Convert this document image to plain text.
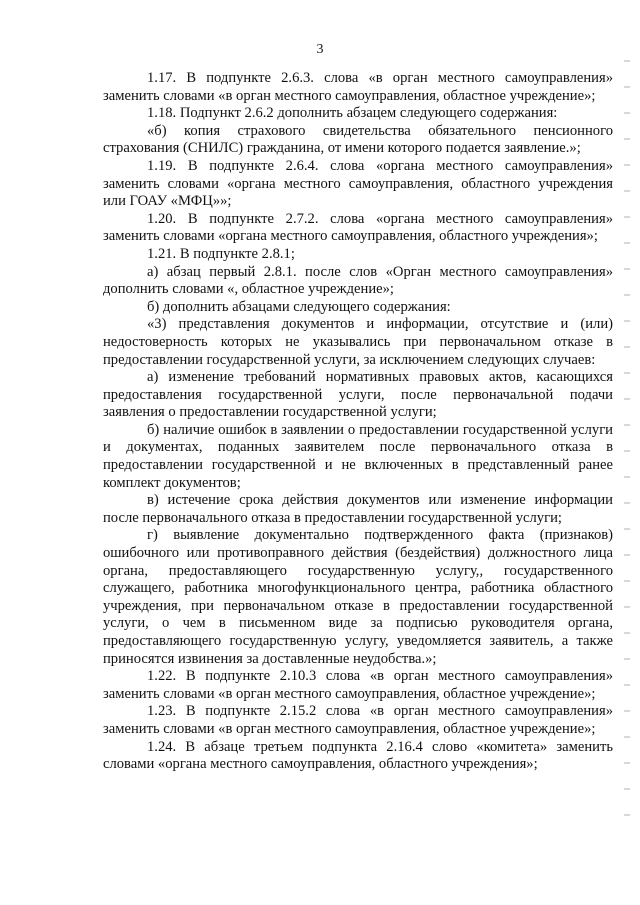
3

1.17. В подпункте 2.6.3. слова «в орган местного самоуправления» заменить словами «в орган местного самоуправления, областное учреждение»;

1.18. Подпункт 2.6.2 дополнить абзацем следующего содержания:

«б) копия страхового свидетельства обязательного пенсионного страхования (СНИЛС) гражданина, от имени которого подается заявление.»;

1.19. В подпункте 2.6.4. слова «органа местного самоуправления» заменить словами «органа местного самоуправления, областного учреждения или ГОАУ «МФЦ»»;

1.20. В подпункте 2.7.2. слова «органа местного самоуправления» заменить словами «органа местного самоуправления, областного учреждения»;

1.21. В подпункте 2.8.1;

а) абзац первый 2.8.1. после слов «Орган местного самоуправления» дополнить словами «, областное учреждение»;

б) дополнить абзацами следующего содержания:

«3) представления документов и информации, отсутствие и (или) недостоверность которых не указывались при первоначальном отказе в предоставлении государственной услуги, за исключением следующих случаев:

а) изменение требований нормативных правовых актов, касающихся предоставления государственной услуги, после первоначальной подачи заявления о предоставлении государственной услуги;

б) наличие ошибок в заявлении о предоставлении государственной услуги и документах, поданных заявителем после первоначального отказа в предоставлении государственной и не включенных в представленный ранее комплект документов;

в) истечение срока действия документов или изменение информации после первоначального отказа в предоставлении государственной услуги;

г) выявление документально подтвержденного факта (признаков) ошибочного или противоправного действия (бездействия) должностного лица органа, предоставляющего государственную услугу,, государственного служащего, работника многофункционального центра, работника областного учреждения, при первоначальном отказе в предоставлении государственной услуги, о чем в письменном виде за подписью руководителя органа, предоставляющего государственную услугу, уведомляется заявитель, а также приносятся извинения за доставленные неудобства.»;

1.22. В подпункте 2.10.3 слова «в орган местного самоуправления» заменить словами «в орган местного самоуправления, областное учреждение»;

1.23. В подпункте 2.15.2 слова «в орган местного самоуправления» заменить словами «в орган местного самоуправления, областное учреждение»;

1.24. В абзаце третьем подпункта 2.16.4 слово «комитета» заменить словами «органа местного самоуправления, областного учреждения»;
